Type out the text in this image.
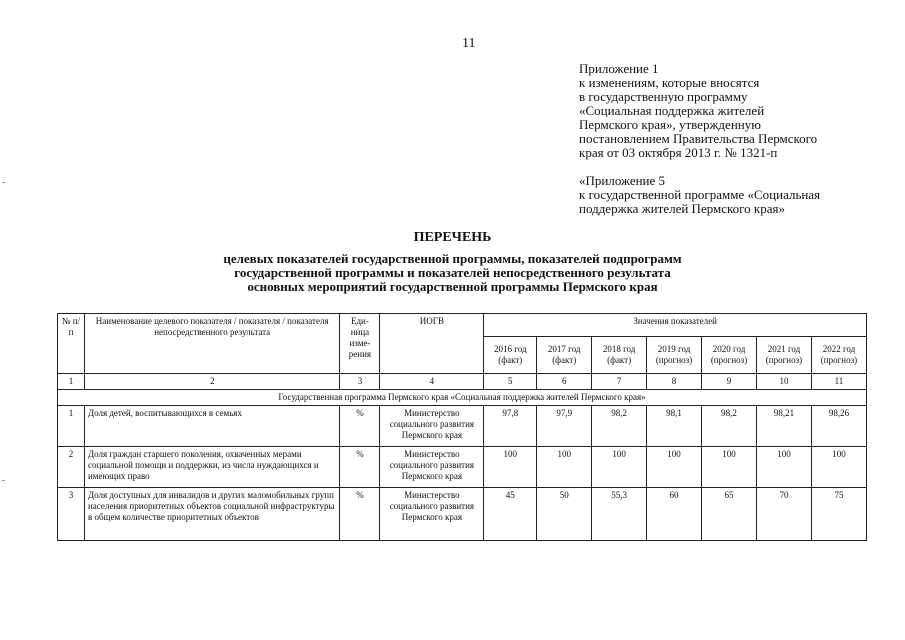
11
Приложение 1
к изменениям, которые вносятся
в государственную программу
«Социальная поддержка жителей
Пермского края», утвержденную
постановлением Правительства Пермского
края от 03 октября 2013 г. № 1321-п
«Приложение 5
к государственной программе «Социальная
поддержка жителей Пермского края»
ПЕРЕЧЕНЬ
целевых показателей государственной программы, показателей подпрограмм
государственной программы и показателей непосредственного результата
основных мероприятий государственной программы Пермского края
№ п/п	Наименование целевого показателя / показателя / показателя непосредственного результата	Еди-ница изме-рения	ИОГВ	Значения показателей						
				2016 год (факт)	2017 год (факт)	2018 год (факт)	2019 год (прогноз)	2020 год (прогноз)	2021 год (прогноз)	2022 год (прогноз)
1	2	3	4	5	6	7	8	9	10	11
Государственная программа Пермского края «Социальная поддержка жителей Пермского края»										
1	Доля детей, воспитывающихся в семьях	%	Министерство социального развития Пермского края	97,8	97,9	98,2	98,1	98,2	98,21	98,26
2	Доля граждан старшего поколения, охваченных мерами социальной помощи и поддержки, из числа нуждающихся и имеющих право	%	Министерство социального развития Пермского края	100	100	100	100	100	100	100
3	Доля доступных для инвалидов и других маломобильных групп населения приоритетных объектов социальной инфраструктуры в общем количестве приоритетных объектов	%	Министерство социального развития Пермского края	45	50	55,3	60	65	70	75
